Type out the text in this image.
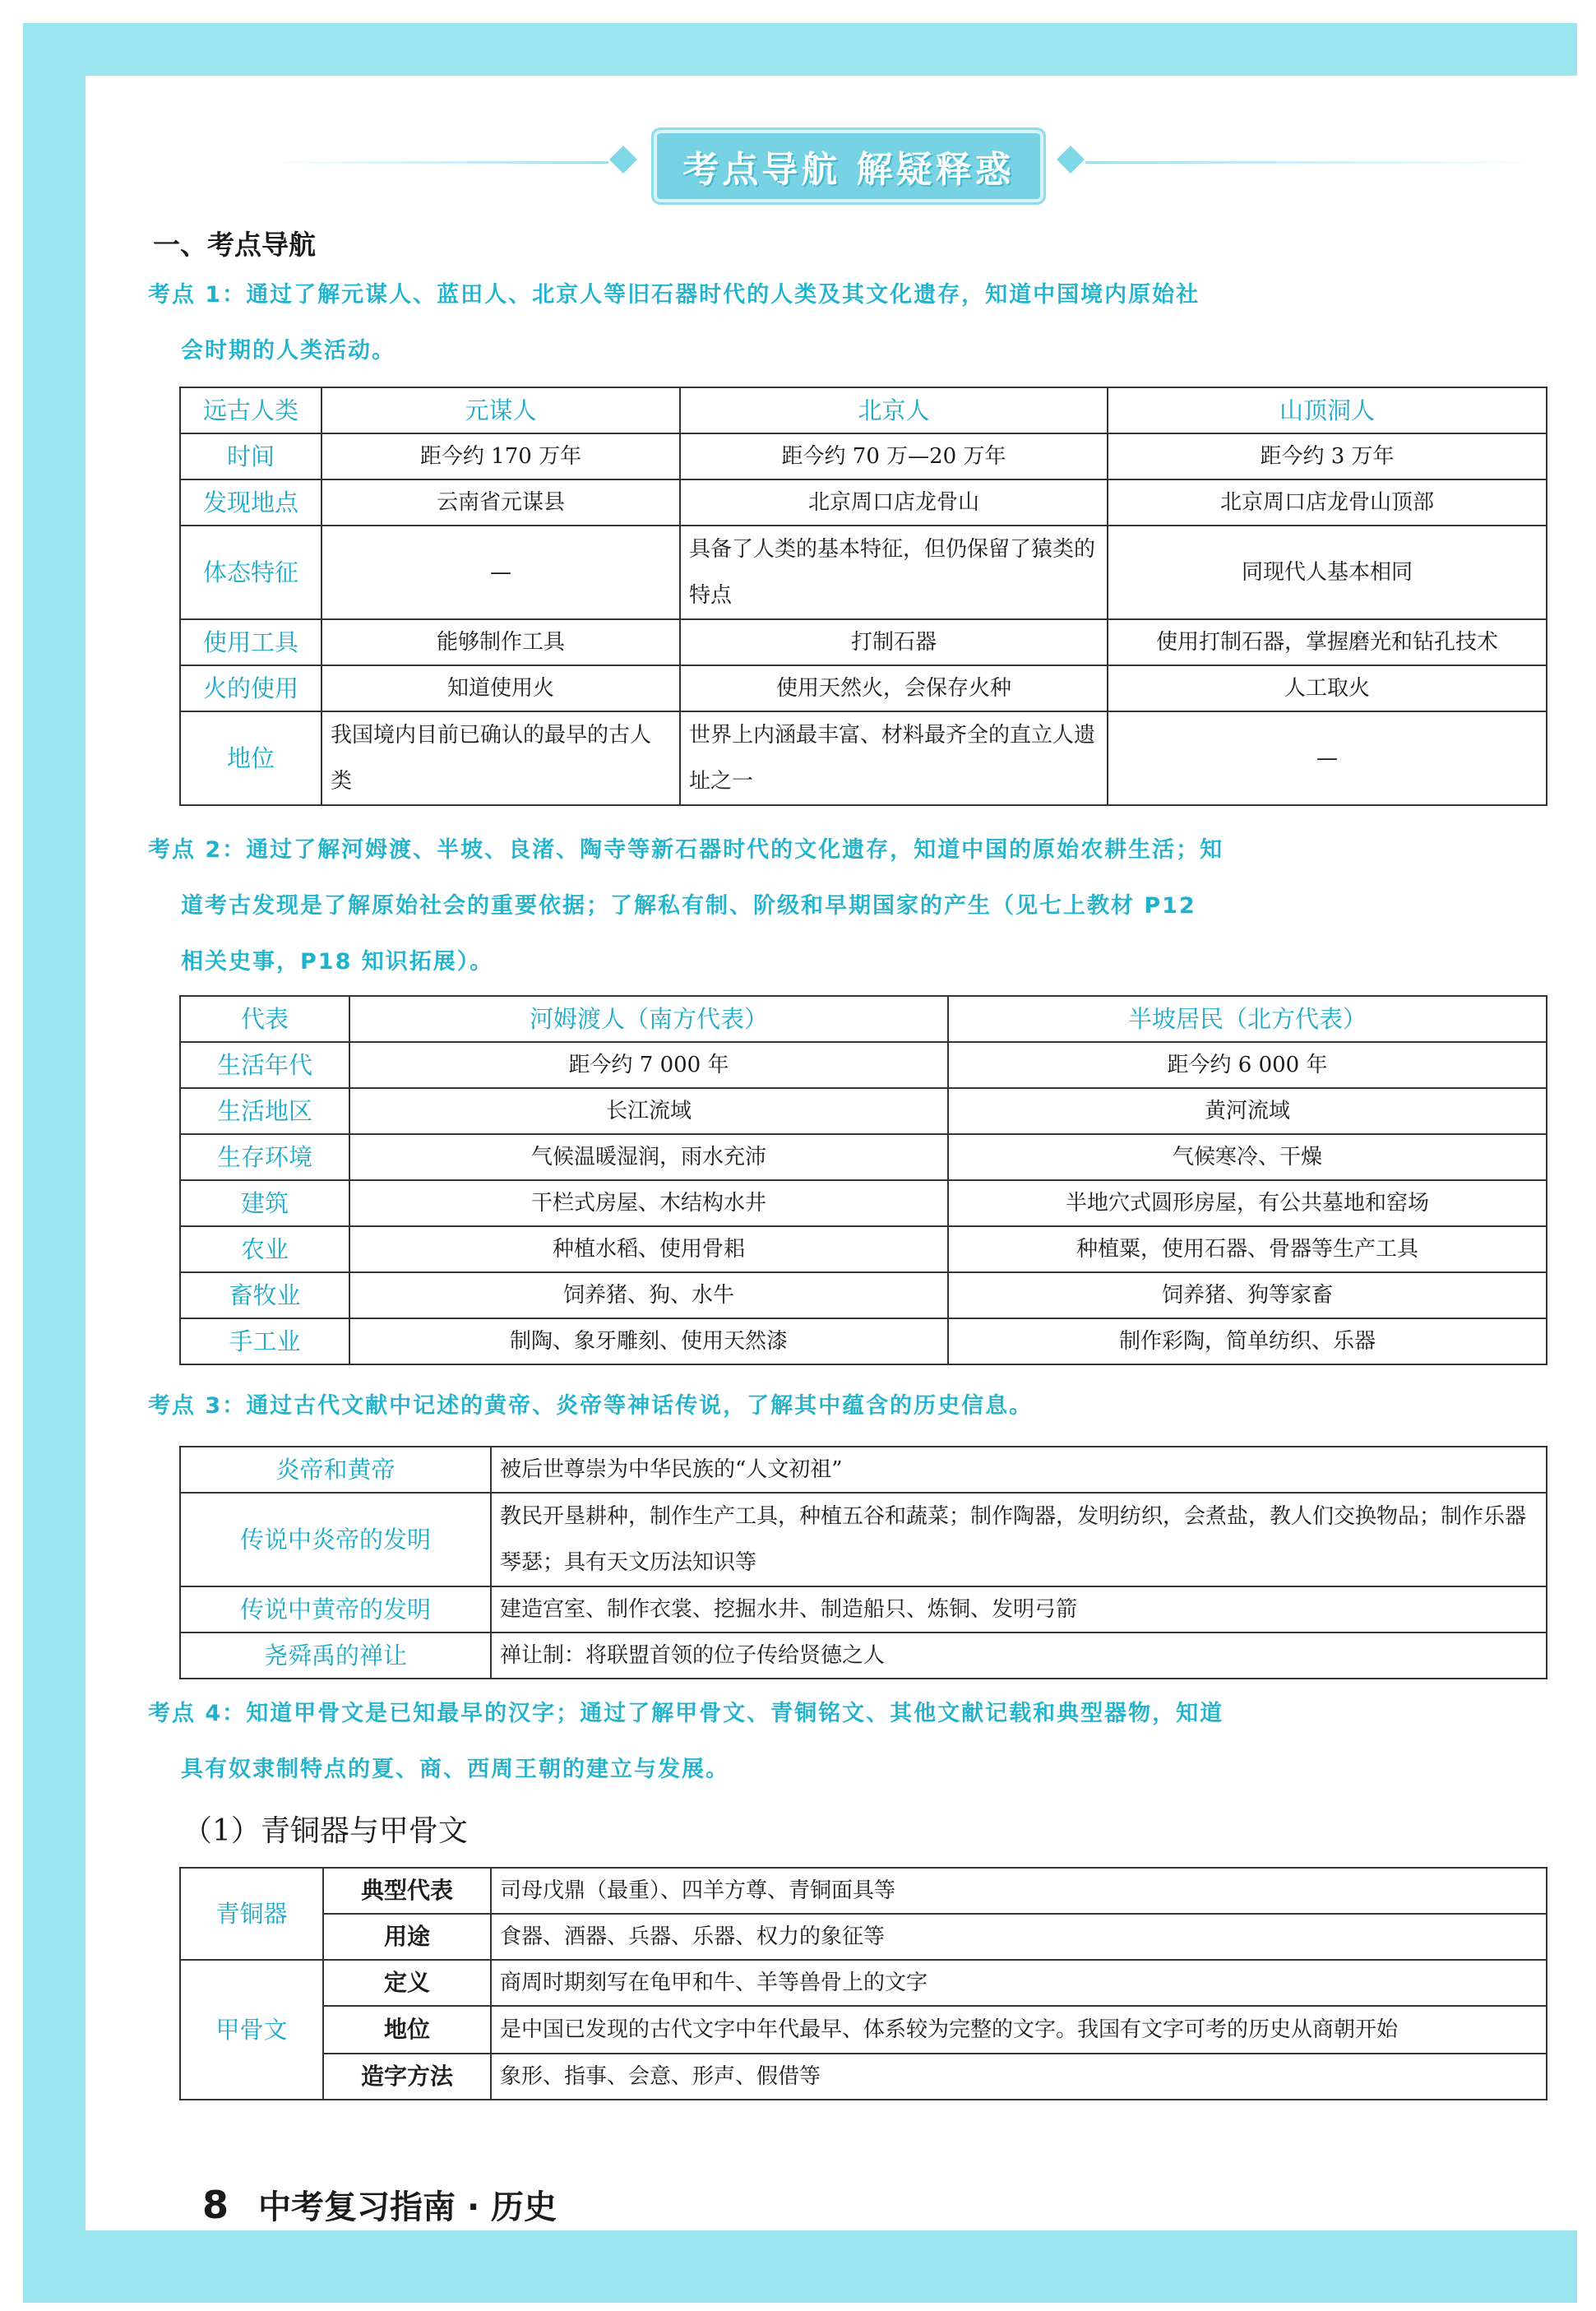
考点导航 解疑释惑
一、考点导航
考点 1：通过了解元谋人、蓝田人、北京人等旧石器时代的人类及其文化遗存，知道中国境内原始社
会时期的人类活动。
远古人类	元谋人	北京人	山顶洞人
时间	距今约 170 万年	距今约 70 万—20 万年	距今约 3 万年
发现地点	云南省元谋县	北京周口店龙骨山	北京周口店龙骨山顶部
体态特征	—	具备了人类的基本特征，但仍保留了猿类的特点	同现代人基本相同
使用工具	能够制作工具	打制石器	使用打制石器，掌握磨光和钻孔技术
火的使用	知道使用火	使用天然火，会保存火种	人工取火
地位	我国境内目前已确认的最早的古人类	世界上内涵最丰富、材料最齐全的直立人遗址之一	—
考点 2：通过了解河姆渡、半坡、良渚、陶寺等新石器时代的文化遗存，知道中国的原始农耕生活；知
道考古发现是了解原始社会的重要依据；了解私有制、阶级和早期国家的产生（见七上教材 P12
相关史事，P18 知识拓展）。
代表	河姆渡人（南方代表）	半坡居民（北方代表）
生活年代	距今约 7 000 年	距今约 6 000 年
生活地区	长江流域	黄河流域
生存环境	气候温暖湿润，雨水充沛	气候寒冷、干燥
建筑	干栏式房屋、木结构水井	半地穴式圆形房屋，有公共墓地和窑场
农业	种植水稻、使用骨耜	种植粟，使用石器、骨器等生产工具
畜牧业	饲养猪、狗、水牛	饲养猪、狗等家畜
手工业	制陶、象牙雕刻、使用天然漆	制作彩陶，简单纺织、乐器
考点 3：通过古代文献中记述的黄帝、炎帝等神话传说，了解其中蕴含的历史信息。
炎帝和黄帝	被后世尊崇为中华民族的“人文初祖”
传说中炎帝的发明	教民开垦耕种，制作生产工具，种植五谷和蔬菜；制作陶器，发明纺织，会煮盐，教人们交换物品；制作乐器琴瑟；具有天文历法知识等
传说中黄帝的发明	建造宫室、制作衣裳、挖掘水井、制造船只、炼铜、发明弓箭
尧舜禹的禅让	禅让制：将联盟首领的位子传给贤德之人
考点 4：知道甲骨文是已知最早的汉字；通过了解甲骨文、青铜铭文、其他文献记载和典型器物，知道
具有奴隶制特点的夏、商、西周王朝的建立与发展。
（1）青铜器与甲骨文
青铜器	典型代表	司母戊鼎（最重）、四羊方尊、青铜面具等
	用途	食器、酒器、兵器、乐器、权力的象征等
甲骨文	定义	商周时期刻写在龟甲和牛、羊等兽骨上的文字
	地位	是中国已发现的古代文字中年代最早、体系较为完整的文字。我国有文字可考的历史从商朝开始
	造字方法	象形、指事、会意、形声、假借等
8 中考复习指南 · 历史
